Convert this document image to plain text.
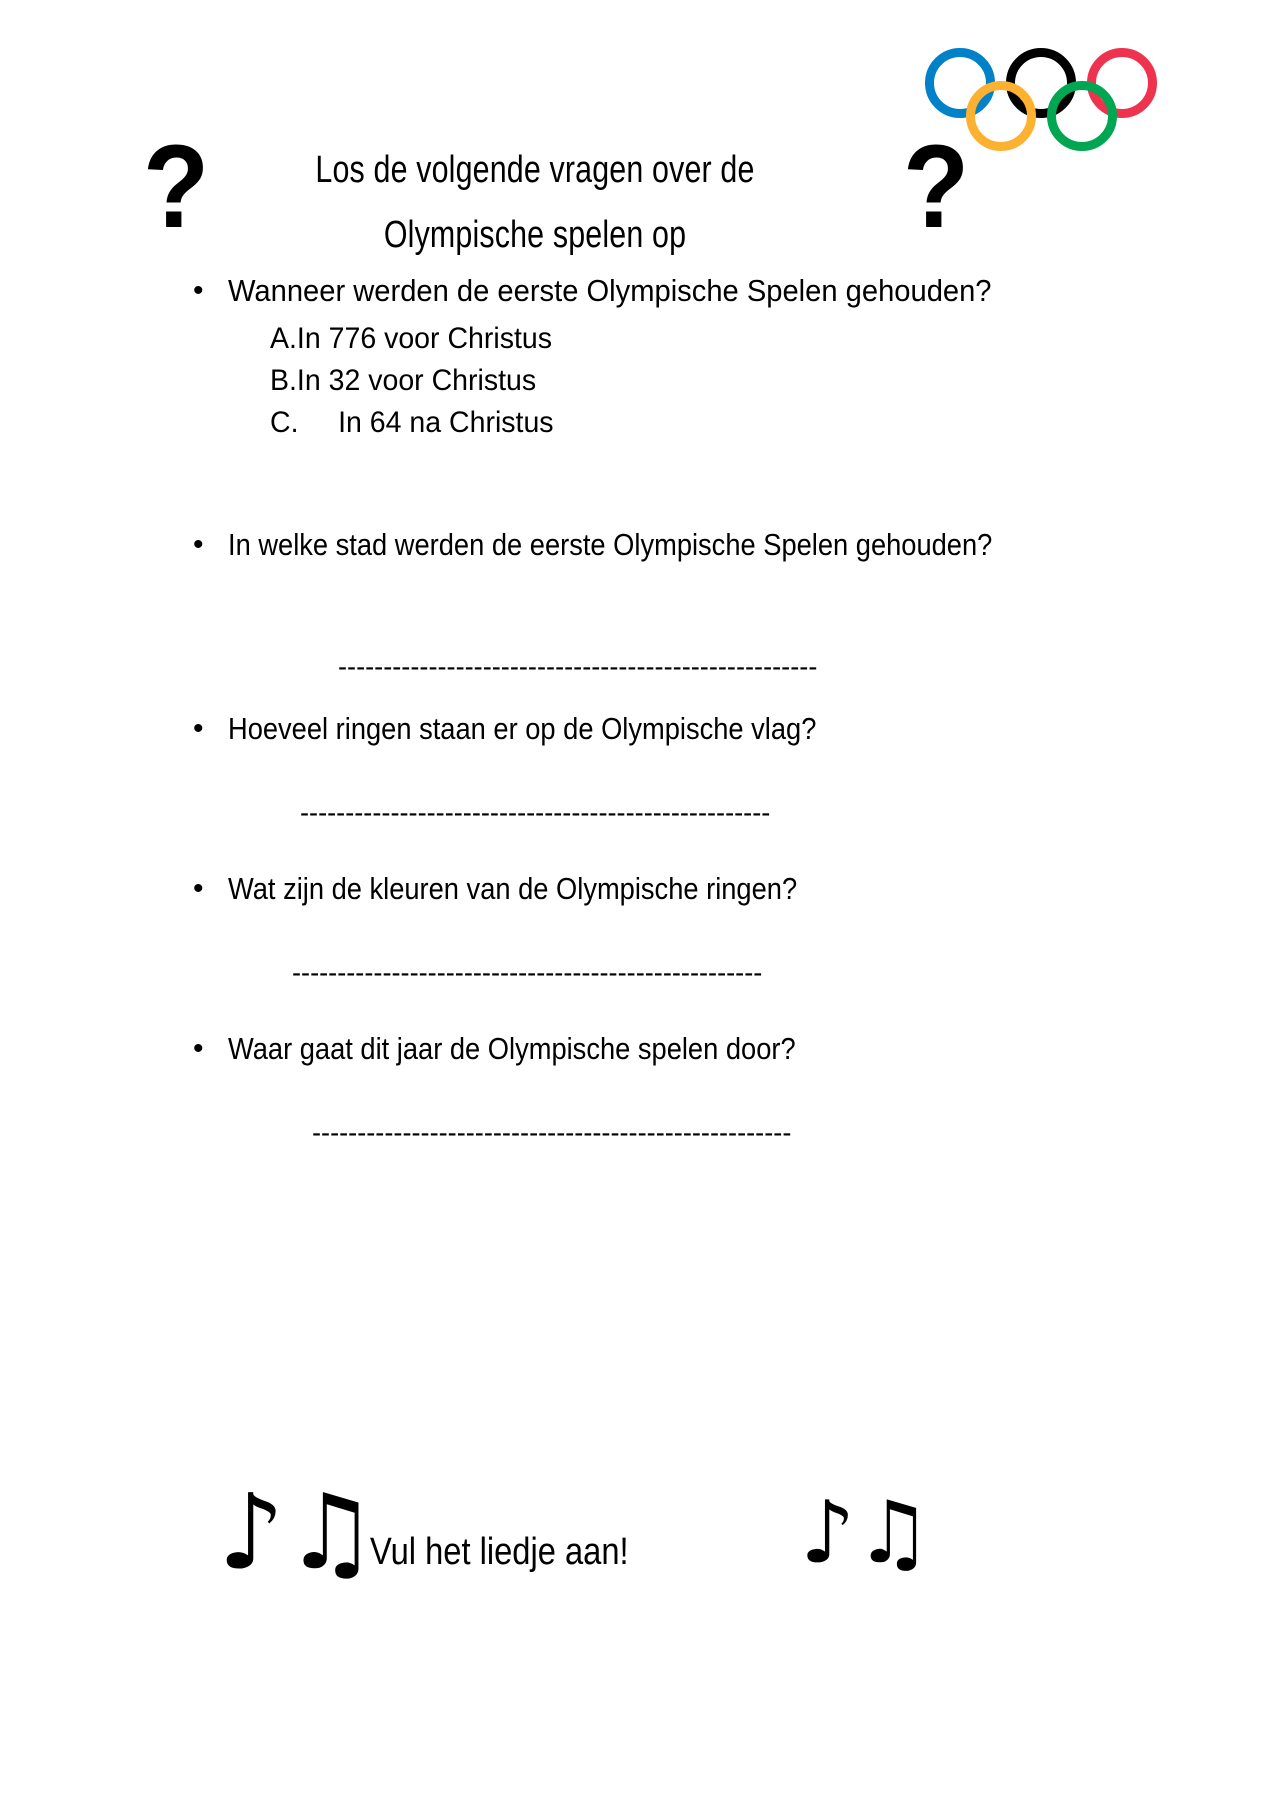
?	?
Los de volgende vragen over de
Olympische spelen op
• Wanneer werden de eerste Olympische Spelen gehouden?
A.In 776 voor Christus
B.In 32 voor Christus
C.     In 64 na Christus
• In welke stad werden de eerste Olympische Spelen gehouden?
-----------------------------------------------------
• Hoeveel ringen staan er op de Olympische vlag?
----------------------------------------------------
• Wat zijn de kleuren van de Olympische ringen?
----------------------------------------------------
• Waar gaat dit jaar de Olympische spelen door?
-----------------------------------------------------
♪♫
Vul het liedje aan! ♪♫
